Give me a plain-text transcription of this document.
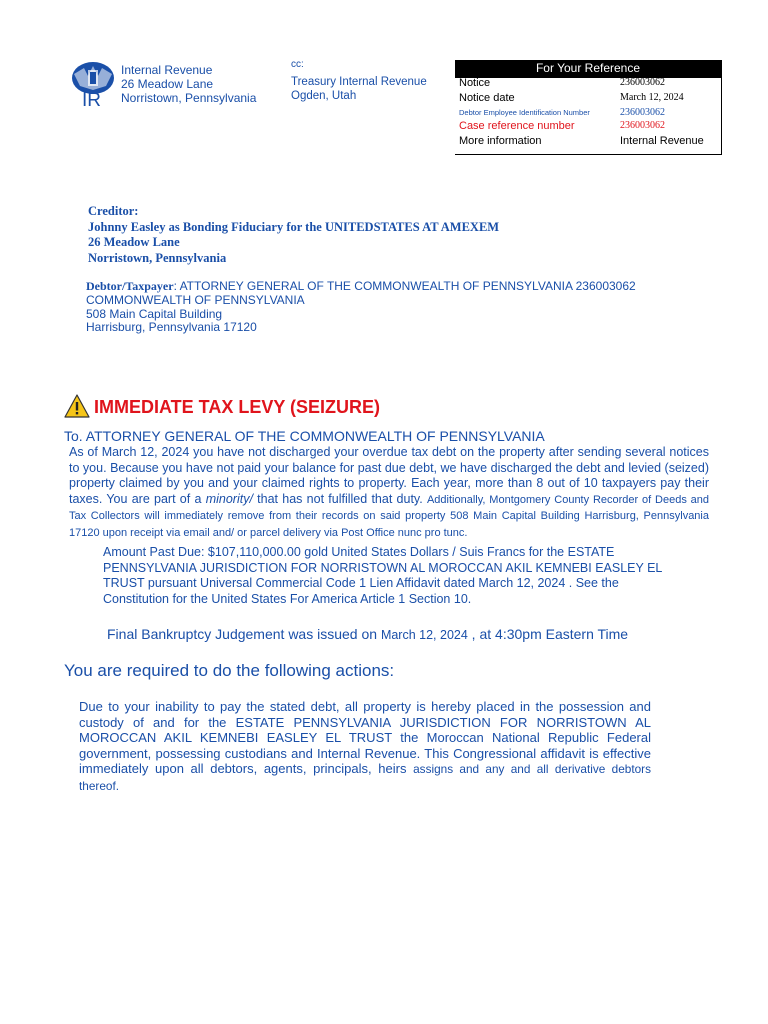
IR
Internal Revenue
26 Meadow Lane
Norristown, Pennsylvania
cc:
Treasury Internal Revenue
Ogden, Utah
For Your Reference
Notice	236003062
Notice date	March 12, 2024
Debtor Employee Identification Number	236003062
Case reference number	236003062
More information	Internal Revenue
Creditor:
Johnny Easley as Bonding Fiduciary for the UNITEDSTATES AT AMEXEM
26 Meadow Lane
Norristown, Pennsylvania
Debtor/Taxpayer: ATTORNEY GENERAL OF THE COMMONWEALTH OF PENNSYLVANIA 236003062
COMMONWEALTH OF PENNSYLVANIA
508 Main Capital Building
Harrisburg, Pennsylvania 17120
IMMEDIATE TAX LEVY (SEIZURE)
To. ATTORNEY GENERAL OF THE COMMONWEALTH OF PENNSYLVANIA
As of March 12, 2024 you have not discharged your overdue tax debt on the property after sending several notices to you. Because you have not paid your balance for past due debt, we have discharged the debt and levied (seized) property claimed by you and your claimed rights to property. Each year, more than 8 out of 10 taxpayers pay their taxes. You are part of a minority/ that has not fulfilled that duty. Additionally, Montgomery County Recorder of Deeds and Tax Collectors will immediately remove from their records on said property 508 Main Capital Building Harrisburg, Pennsylvania 17120 upon receipt via email and/ or parcel delivery via Post Office nunc pro tunc.
Amount Past Due: $107,110,000.00 gold United States Dollars / Suis Francs for the ESTATE PENNSYLVANIA JURISDICTION FOR NORRISTOWN AL MOROCCAN AKIL KEMNEBI EASLEY EL TRUST pursuant Universal Commercial Code 1 Lien Affidavit dated March 12, 2024 . See the Constitution for the United States For America Article 1 Section 10.
Final Bankruptcy Judgement was issued on March 12, 2024 , at 4:30pm Eastern Time
You are required to do the following actions:
Due to your inability to pay the stated debt, all property is hereby placed in the possession and custody of and for the ESTATE PENNSYLVANIA JURISDICTION FOR NORRISTOWN AL MOROCCAN AKIL KEMNEBI EASLEY EL TRUST the Moroccan National Republic Federal government, possessing custodians and Internal Revenue. This Congressional affidavit is effective immediately upon all debtors, agents, principals, heirs assigns and any and all derivative debtors thereof.
